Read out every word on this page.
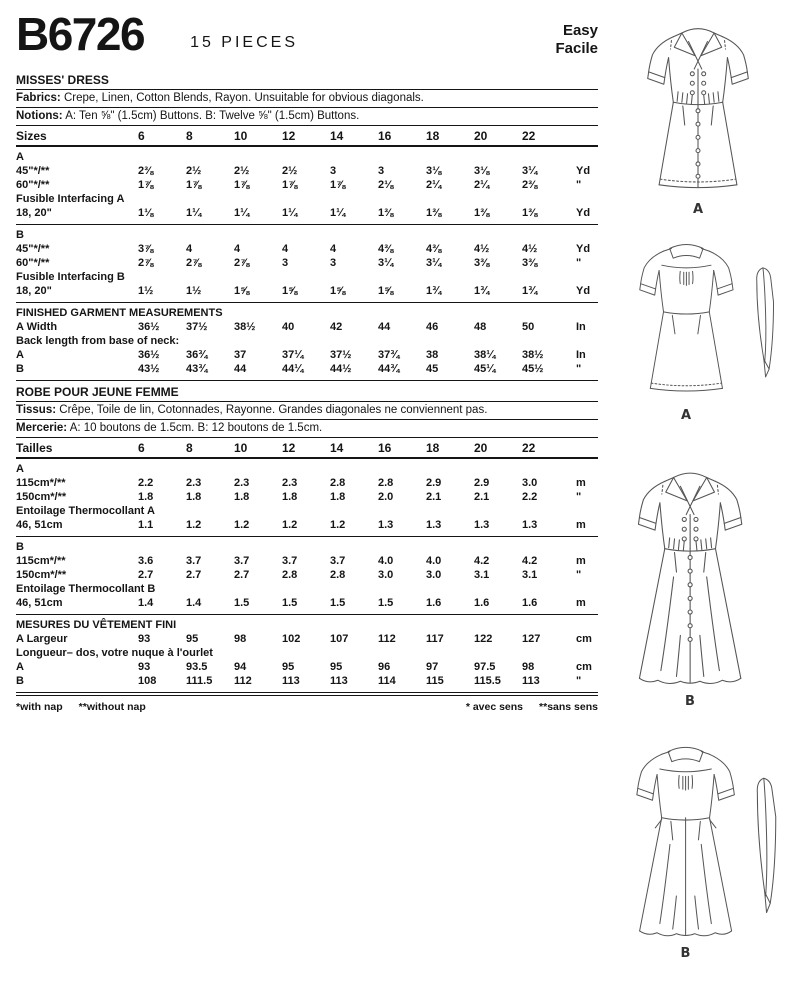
B6726	15 PIECES
Easy
Facile
MISSES' DRESS
Fabrics: Crepe, Linen, Cotton Blends, Rayon. Unsuitable for obvious diagonals.
Notions: A: Ten ⅝" (1.5cm) Buttons. B: Twelve ⅝" (1.5cm) Buttons.
Sizes	6	8	10	12	14	16	18	20	22
A
45"*/**	2⅜	2½	2½	2½	3	3	3⅛	3⅛	3¼	Yd
60"*/**	1⅞	1⅞	1⅞	1⅞	1⅞	2⅛	2¼	2¼	2⅜	"
Fusible Interfacing A
18, 20"	1⅛	1¼	1¼	1¼	1¼	1⅜	1⅜	1⅜	1⅜	Yd
B
45"*/**	3⅞	4	4	4	4	4⅜	4⅜	4½	4½	Yd
60"*/**	2⅞	2⅞	2⅞	3	3	3¼	3¼	3⅜	3⅜	"
Fusible Interfacing B
18, 20"	1½	1½	1⅝	1⅝	1⅝	1⅝	1¾	1¾	1¾	Yd
FINISHED GARMENT MEASUREMENTS
A Width	36½	37½	38½	40	42	44	46	48	50	In
Back length from base of neck:
A	36½	36¾	37	37¼	37½	37¾	38	38¼	38½	In
B	43½	43¾	44	44¼	44½	44¾	45	45¼	45½	"
ROBE POUR JEUNE FEMME
Tissus: Crêpe, Toile de lin, Cotonnades, Rayonne. Grandes diagonales ne conviennent pas.
Mercerie: A: 10 boutons de 1.5cm. B: 12 boutons de 1.5cm.
Tailles	6	8	10	12	14	16	18	20	22
A
115cm*/**	2.2	2.3	2.3	2.3	2.8	2.8	2.9	2.9	3.0	m
150cm*/**	1.8	1.8	1.8	1.8	1.8	2.0	2.1	2.1	2.2	"
Entoilage Thermocollant A
46, 51cm	1.1	1.2	1.2	1.2	1.2	1.3	1.3	1.3	1.3	m
B
115cm*/**	3.6	3.7	3.7	3.7	3.7	4.0	4.0	4.2	4.2	m
150cm*/**	2.7	2.7	2.7	2.8	2.8	3.0	3.0	3.1	3.1	"
Entoilage Thermocollant B
46, 51cm	1.4	1.4	1.5	1.5	1.5	1.5	1.6	1.6	1.6	m
MESURES DU VÊTEMENT FINI
A Largeur	93	95	98	102	107	112	117	122	127	cm
Longueur– dos, votre nuque à l'ourlet
A	93	93.5	94	95	95	96	97	97.5	98	cm
B	108	111.5	112	113	113	114	115	115.5	113	"
*with nap **without nap	* avec sens **sans sens
A
A
B
B
